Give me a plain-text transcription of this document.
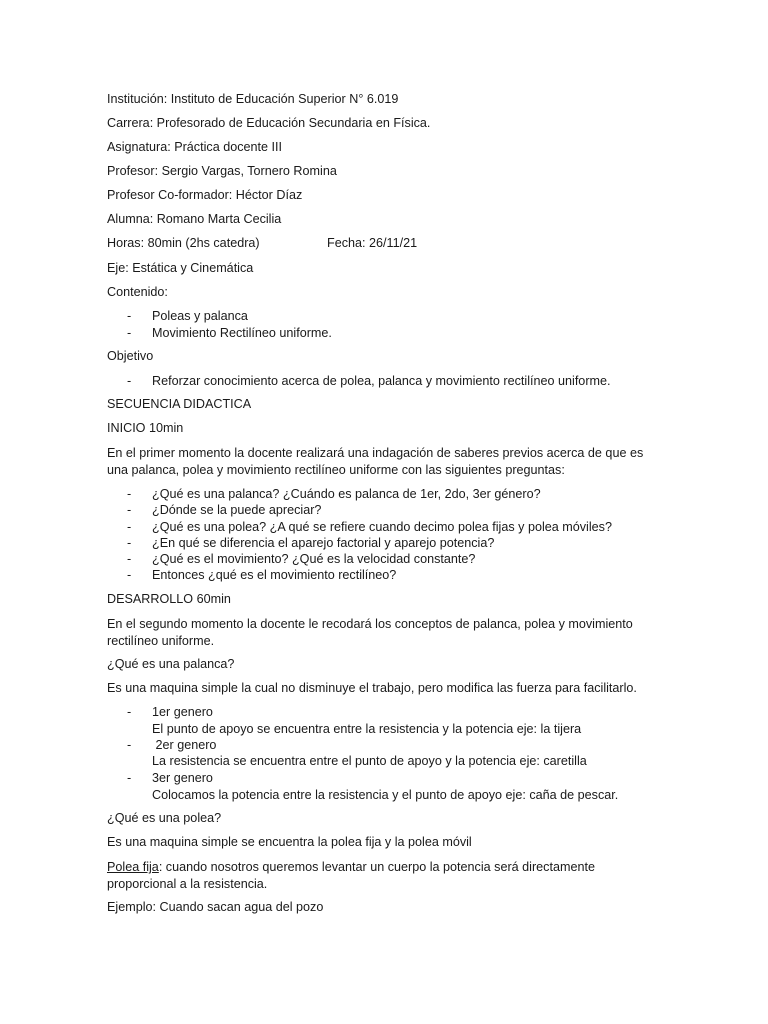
Institución: Instituto de Educación Superior N° 6.019

Carrera: Profesorado de Educación Secundaria en Física.

Asignatura: Práctica docente III

Profesor: Sergio Vargas, Tornero Romina

Profesor Co-formador: Héctor Díaz

Alumna: Romano Marta Cecilia

Horas: 80min (2hs catedra)	Fecha: 26/11/21

Eje: Estática y Cinemática

Contenido:

- Poleas y palanca

- Movimiento Rectilíneo uniforme.

Objetivo

- Reforzar conocimiento acerca de polea, palanca y movimiento rectilíneo uniforme.

SECUENCIA DIDACTICA

INICIO 10min

En el primer momento la docente realizará una indagación de saberes previos acerca de que es una palanca, polea y movimiento rectilíneo uniforme con las siguientes preguntas:

- ¿Qué es una palanca? ¿Cuándo es palanca de 1er, 2do, 3er género?

- ¿Dónde se la puede apreciar?

- ¿Qué es una polea? ¿A qué se refiere cuando decimo polea fijas y polea móviles?

- ¿En qué se diferencia el aparejo factorial y aparejo potencia?

- ¿Qué es el movimiento? ¿Qué es la velocidad constante?

- Entonces ¿qué es el movimiento rectilíneo?

DESARROLLO 60min

En el segundo momento la docente le recodará los conceptos de palanca, polea y movimiento rectilíneo uniforme.

¿Qué es una palanca?

Es una maquina simple la cual no disminuye el trabajo, pero modifica las fuerza para facilitarlo.

- 1er genero

El punto de apoyo se encuentra entre la resistencia y la potencia eje: la tijera

- 2er genero

La resistencia se encuentra entre el punto de apoyo y la potencia eje: caretilla

- 3er genero

Colocamos la potencia entre la resistencia y el punto de apoyo eje: caña de pescar.

¿Qué es una polea?

Es una maquina simple se encuentra la polea fija y la polea móvil

Polea fija: cuando nosotros queremos levantar un cuerpo la potencia será directamente proporcional a la resistencia.

Ejemplo: Cuando sacan agua del pozo
